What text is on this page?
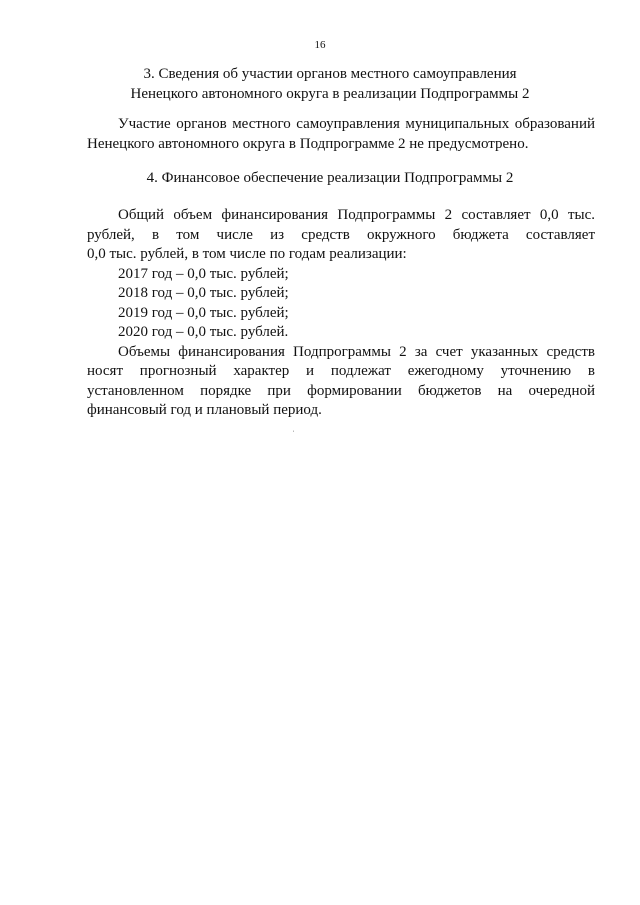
16
3. Сведения об участии органов местного самоуправления
Ненецкого автономного округа в реализации Подпрограммы 2

Участие органов местного самоуправления муниципальных образований
Ненецкого автономного округа в Подпрограмме 2 не предусмотрено.

4. Финансовое обеспечение реализации Подпрограммы 2
Общий объем финансирования Подпрограммы 2 составляет 0,0 тыс.
рублей, в том числе из средств окружного бюджета составляет
0,0 тыс. рублей, в том числе по годам реализации:
2017 год – 0,0 тыс. рублей;
2018 год – 0,0 тыс. рублей;
2019 год – 0,0 тыс. рублей;
2020 год – 0,0 тыс. рублей.
Объемы финансирования Подпрограммы 2 за счет указанных средств
носят прогнозный характер и подлежат ежегодному уточнению в
установленном порядке при формировании бюджетов на очередной
финансовый год и плановый период.
ˌ
